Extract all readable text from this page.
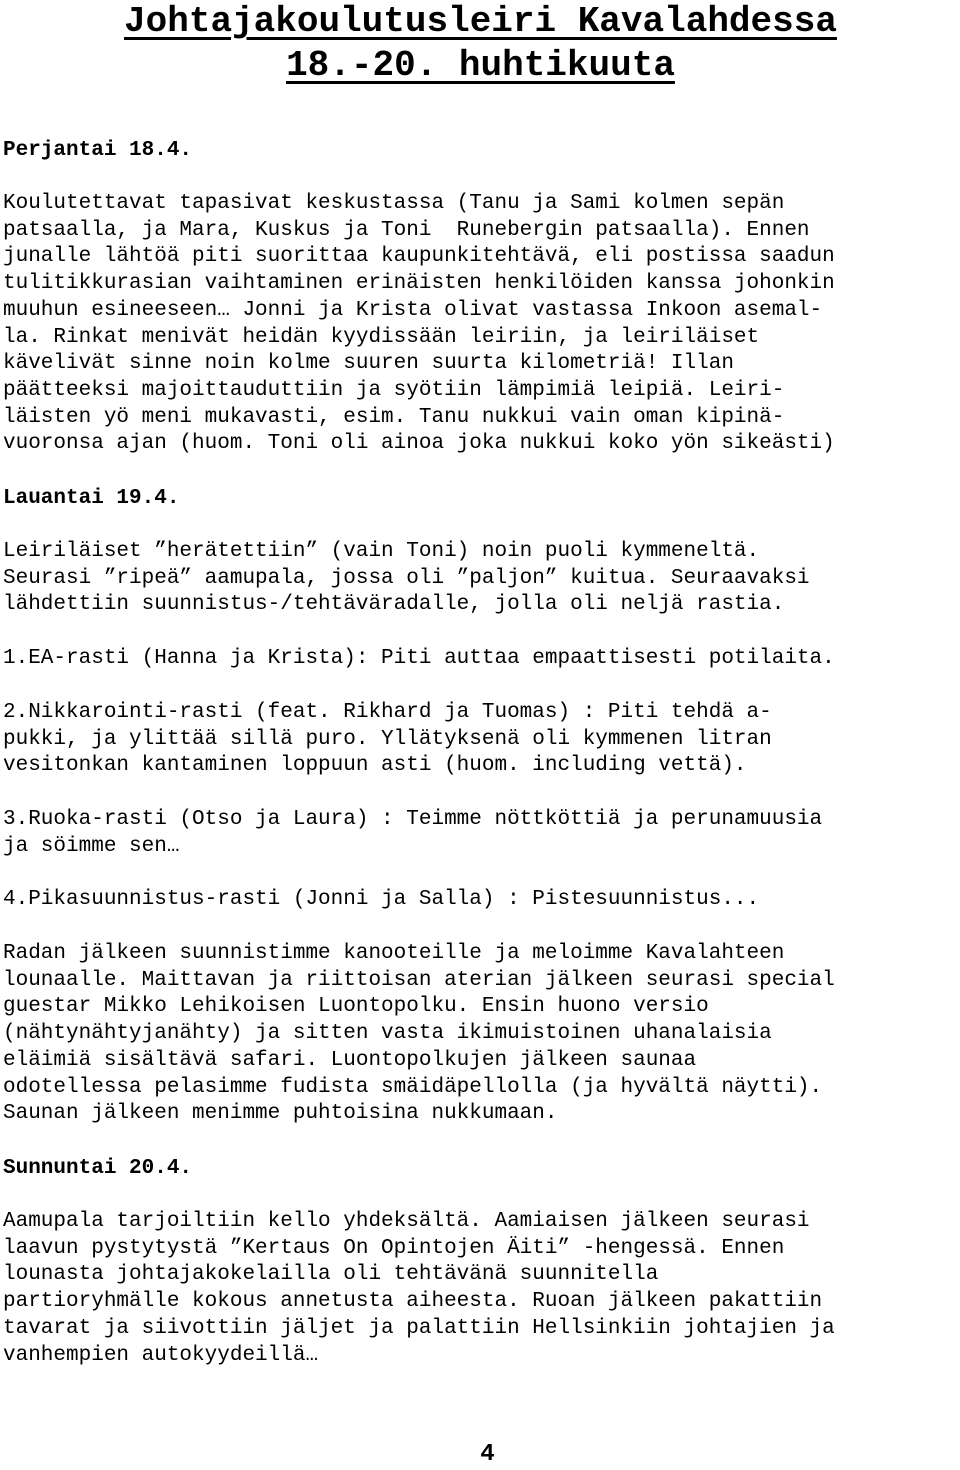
Johtajakoulutusleiri Kavalahdessa
18.-20. huhtikuuta

Perjantai 18.4.

Koulutettavat tapasivat keskustassa (Tanu ja Sami kolmen sepän
patsaalla, ja Mara, Kuskus ja Toni  Runebergin patsaalla). Ennen
junalle lähtöä piti suorittaa kaupunkitehtävä, eli postissa saadun
tulitikkurasian vaihtaminen erinäisten henkilöiden kanssa johonkin
muuhun esineeseen… Jonni ja Krista olivat vastassa Inkoon asemal-
la. Rinkat menivät heidän kyydissään leiriin, ja leiriläiset
kävelivät sinne noin kolme suuren suurta kilometriä! Illan
päätteeksi majoittauduttiin ja syötiin lämpimiä leipiä. Leiri-
läisten yö meni mukavasti, esim. Tanu nukkui vain oman kipinä-
vuoronsa ajan (huom. Toni oli ainoa joka nukkui koko yön sikeästi)

Lauantai 19.4.

Leiriläiset ”herätettiin” (vain Toni) noin puoli kymmeneltä.
Seurasi ”ripeä” aamupala, jossa oli ”paljon” kuitua. Seuraavaksi
lähdettiin suunnistus-/tehtäväradalle, jolla oli neljä rastia.
1.EA-rasti (Hanna ja Krista): Piti auttaa empaattisesti potilaita.
2.Nikkarointi-rasti (feat. Rikhard ja Tuomas) : Piti tehdä a-
pukki, ja ylittää sillä puro. Yllätyksenä oli kymmenen litran
vesitonkan kantaminen loppuun asti (huom. including vettä).
3.Ruoka-rasti (Otso ja Laura) : Teimme nöttköttiä ja perunamuusia
ja söimme sen…
4.Pikasuunnistus-rasti (Jonni ja Salla) : Pistesuunnistus...
Radan jälkeen suunnistimme kanooteille ja meloimme Kavalahteen
lounaalle. Maittavan ja riittoisan aterian jälkeen seurasi special
guestar Mikko Lehikoisen Luontopolku. Ensin huono versio
(nähtynähtyjanähty) ja sitten vasta ikimuistoinen uhanalaisia
eläimiä sisältävä safari. Luontopolkujen jälkeen saunaa
odotellessa pelasimme fudista smäidäpellolla (ja hyvältä näytti).
Saunan jälkeen menimme puhtoisina nukkumaan.

Sunnuntai 20.4.

Aamupala tarjoiltiin kello yhdeksältä. Aamiaisen jälkeen seurasi
laavun pystytystä ”Kertaus On Opintojen Äiti” -hengessä. Ennen
lounasta johtajakokelailla oli tehtävänä suunnitella
partioryhmälle kokous annetusta aiheesta. Ruoan jälkeen pakattiin
tavarat ja siivottiin jäljet ja palattiin Hellsinkiin johtajien ja
vanhempien autokyydeillä…
4
